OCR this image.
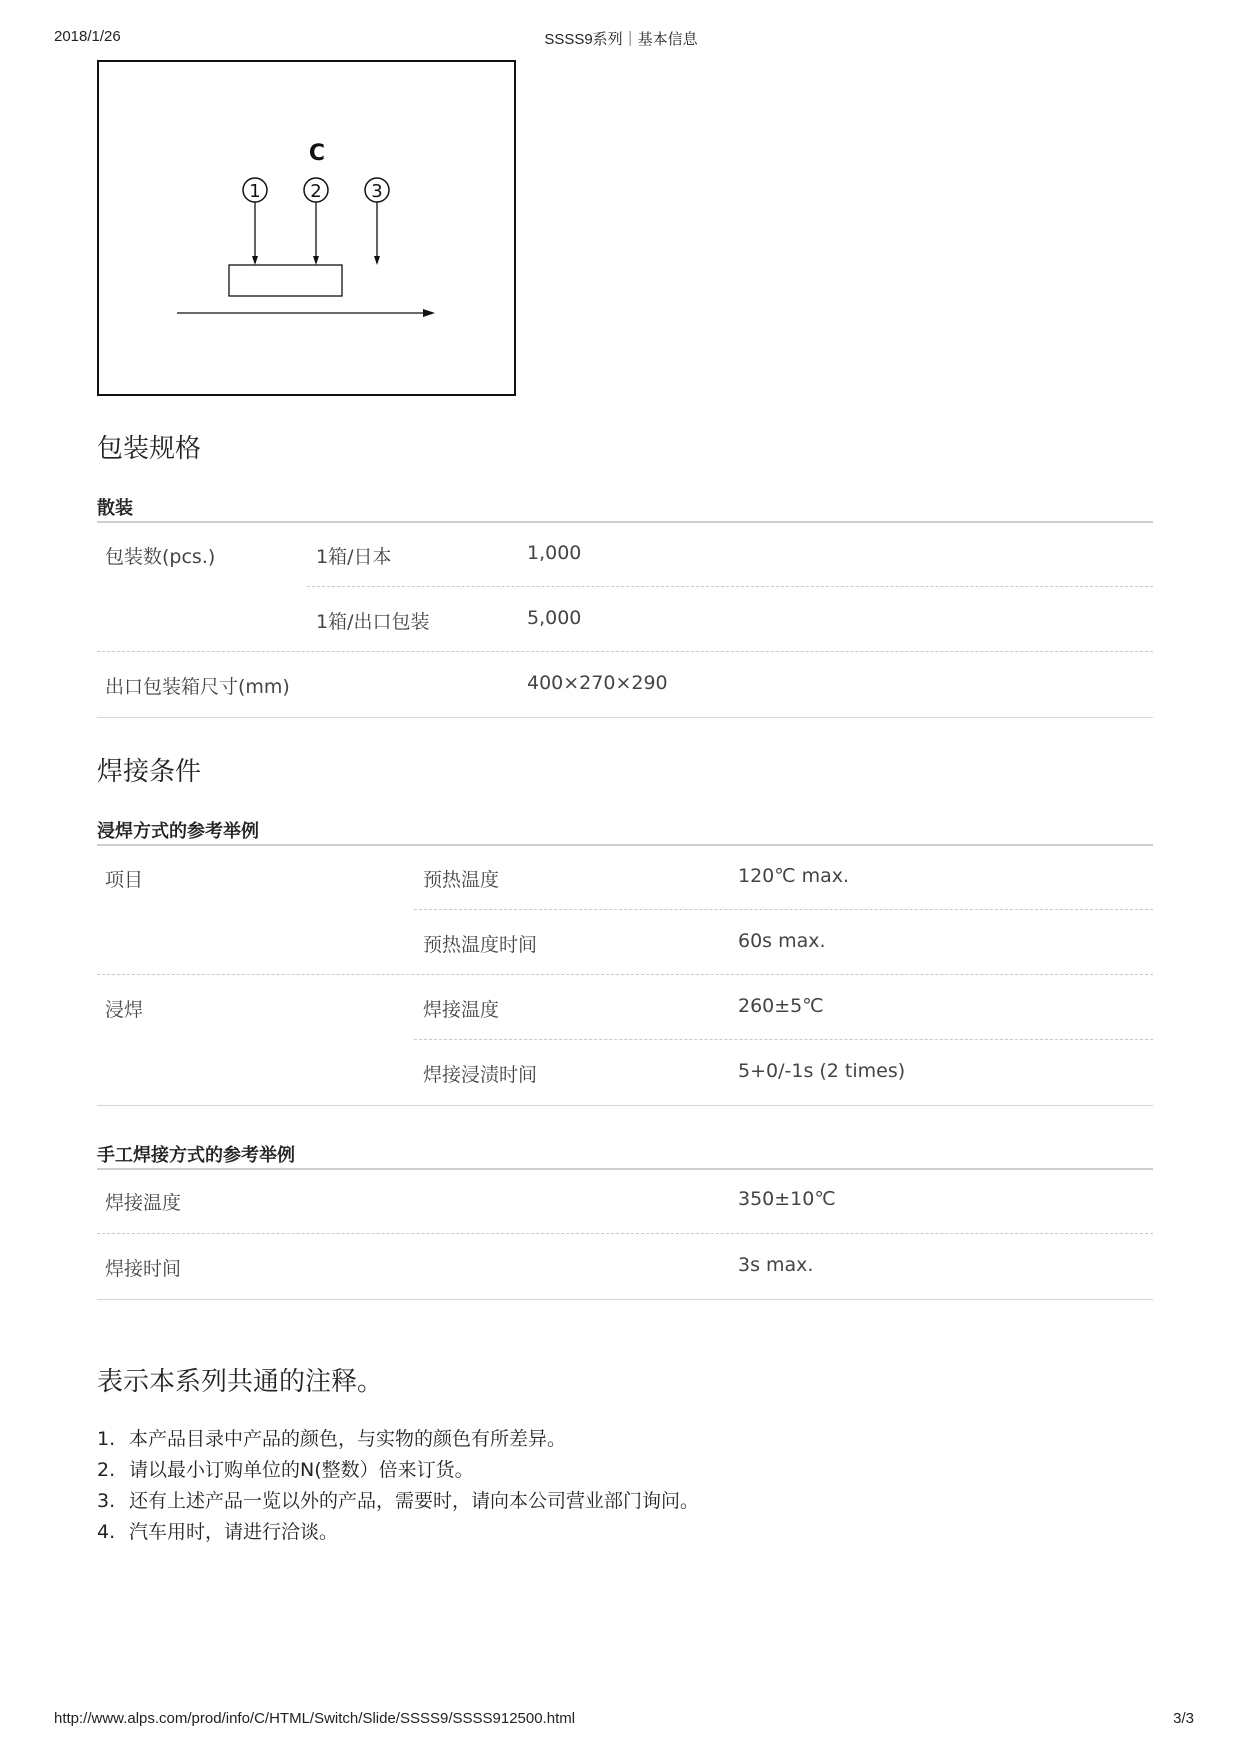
2018/1/26	SSSS9系列｜基本信息
C
1	2	3
包装规格
散装
包装数(pcs.)	1箱/日本	1,000
1箱/出口包装	5,000
出口包装箱尺寸(mm)	400×270×290
焊接条件
浸焊方式的参考举例
项目	预热温度	120℃ max.
预热温度时间	60s max.
浸焊	焊接温度	260±5℃
焊接浸渍时间	5+0/-1s (2 times)
手工焊接方式的参考举例
焊接温度	350±10℃
焊接时间	3s max.
表示本系列共通的注释。
1. 本产品目录中产品的颜色，与实物的颜色有所差异。
2. 请以最小订购单位的N(整数）倍来订货。
3. 还有上述产品一览以外的产品，需要时，请向本公司营业部门询问。
4. 汽车用时，请进行洽谈。
http://www.alps.com/prod/info/C/HTML/Switch/Slide/SSSS9/SSSS912500.html	3/3
